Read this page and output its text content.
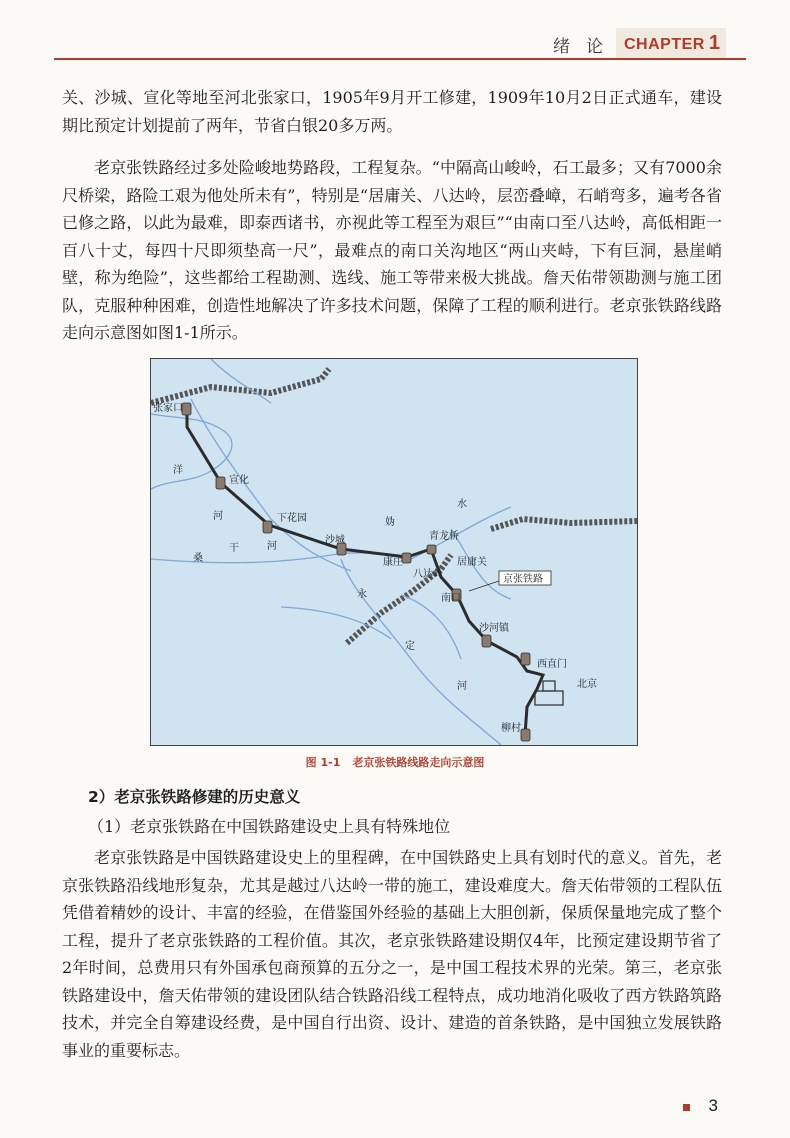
绪论 CHAPTER 1

关、沙城、宣化等地至河北张家口，1905年9月开工修建，1909年10月2日正式通车，建设期比预定计划提前了两年，节省白银20多万两。

老京张铁路经过多处险峻地势路段，工程复杂。“中隔高山峻岭，石工最多；又有7000余尺桥梁，路险工艰为他处所未有”，特别是“居庸关、八达岭，层峦叠嶂，石峭弯多，遍考各省已修之路，以此为最难，即泰西诸书，亦视此等工程至为艰巨”“由南口至八达岭，高低相距一百八十丈，每四十尺即须垫高一尺”，最难点的南口关沟地区“两山夹峙，下有巨洞，悬崖峭壁，称为绝险”，这些都给工程勘测、选线、施工等带来极大挑战。詹天佑带领勘测与施工团队，克服种种困难，创造性地解决了许多技术问题，保障了工程的顺利进行。老京张铁路线路走向示意图如图1-1所示。

张家口
宣化
下花园
沙城
康庄
青龙桥
八达岭
居庸关
南口
沙河镇
西直门
北京
柳村
京张铁路
洋
河
桑
干	河
妫
水
永
定
河
图 1-1 老京张铁路线路走向示意图
2）老京张铁路修建的历史意义
（1）老京张铁路在中国铁路建设史上具有特殊地位

老京张铁路是中国铁路建设史上的里程碑，在中国铁路史上具有划时代的意义。首先，老京张铁路沿线地形复杂，尤其是越过八达岭一带的施工，建设难度大。詹天佑带领的工程队伍凭借着精妙的设计、丰富的经验，在借鉴国外经验的基础上大胆创新，保质保量地完成了整个工程，提升了老京张铁路的工程价值。其次，老京张铁路建设期仅4年，比预定建设期节省了2年时间，总费用只有外国承包商预算的五分之一，是中国工程技术界的光荣。第三，老京张铁路建设中，詹天佑带领的建设团队结合铁路沿线工程特点，成功地消化吸收了西方铁路筑路技术，并完全自筹建设经费，是中国自行出资、设计、建造的首条铁路，是中国独立发展铁路事业的重要标志。

3
